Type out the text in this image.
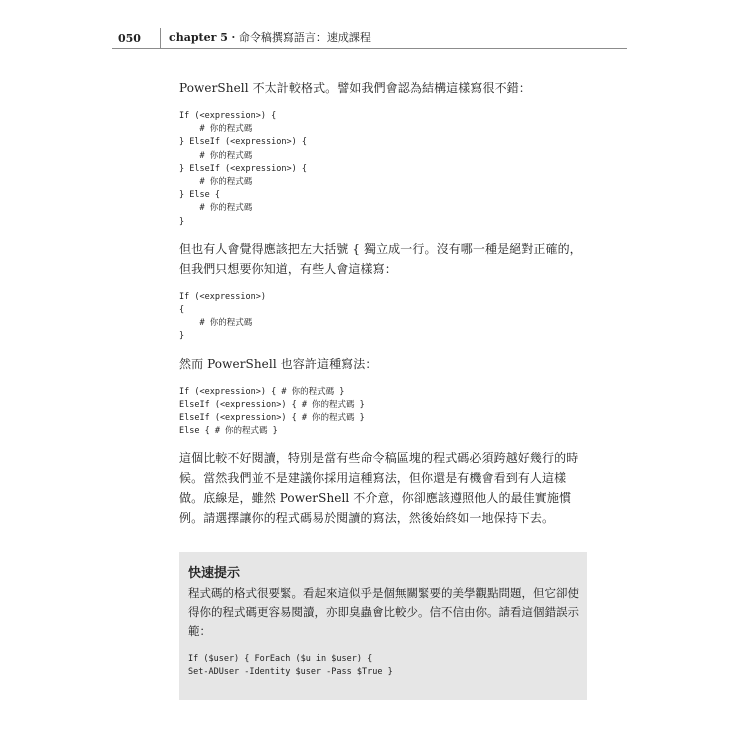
050	chapter 5・命令稿撰寫語言：速成課程

PowerShell 不太計較格式。譬如我們會認為結構這樣寫很不錯：

If (<expression>) {
# 你的程式碼
} ElseIf (<expression>) {
# 你的程式碼
} ElseIf (<expression>) {
# 你的程式碼
} Else {
# 你的程式碼
}

但也有人會覺得應該把左大括號 { 獨立成一行。沒有哪一種是絕對正確的，但我們只想要你知道，有些人會這樣寫：

If (<expression>)
{
# 你的程式碼
}

然而 PowerShell 也容許這種寫法：

If (<expression>) { # 你的程式碼 }
ElseIf (<expression>) { # 你的程式碼 }
ElseIf (<expression>) { # 你的程式碼 }
Else { # 你的程式碼 }

這個比較不好閱讀，特別是當有些命令稿區塊的程式碼必須跨越好幾行的時候。當然我們並不是建議你採用這種寫法，但你還是有機會看到有人這樣做。底線是，雖然 PowerShell 不介意，你卻應該遵照他人的最佳實施慣例。請選擇讓你的程式碼易於閱讀的寫法，然後始終如一地保持下去。

快速提示

程式碼的格式很要緊。看起來這似乎是個無關緊要的美學觀點問題，但它卻使得你的程式碼更容易閱讀，亦即臭蟲會比較少。信不信由你。請看這個錯誤示範：

If ($user) { ForEach ($u in $user) {
Set-ADUser -Identity $user -Pass $True }
